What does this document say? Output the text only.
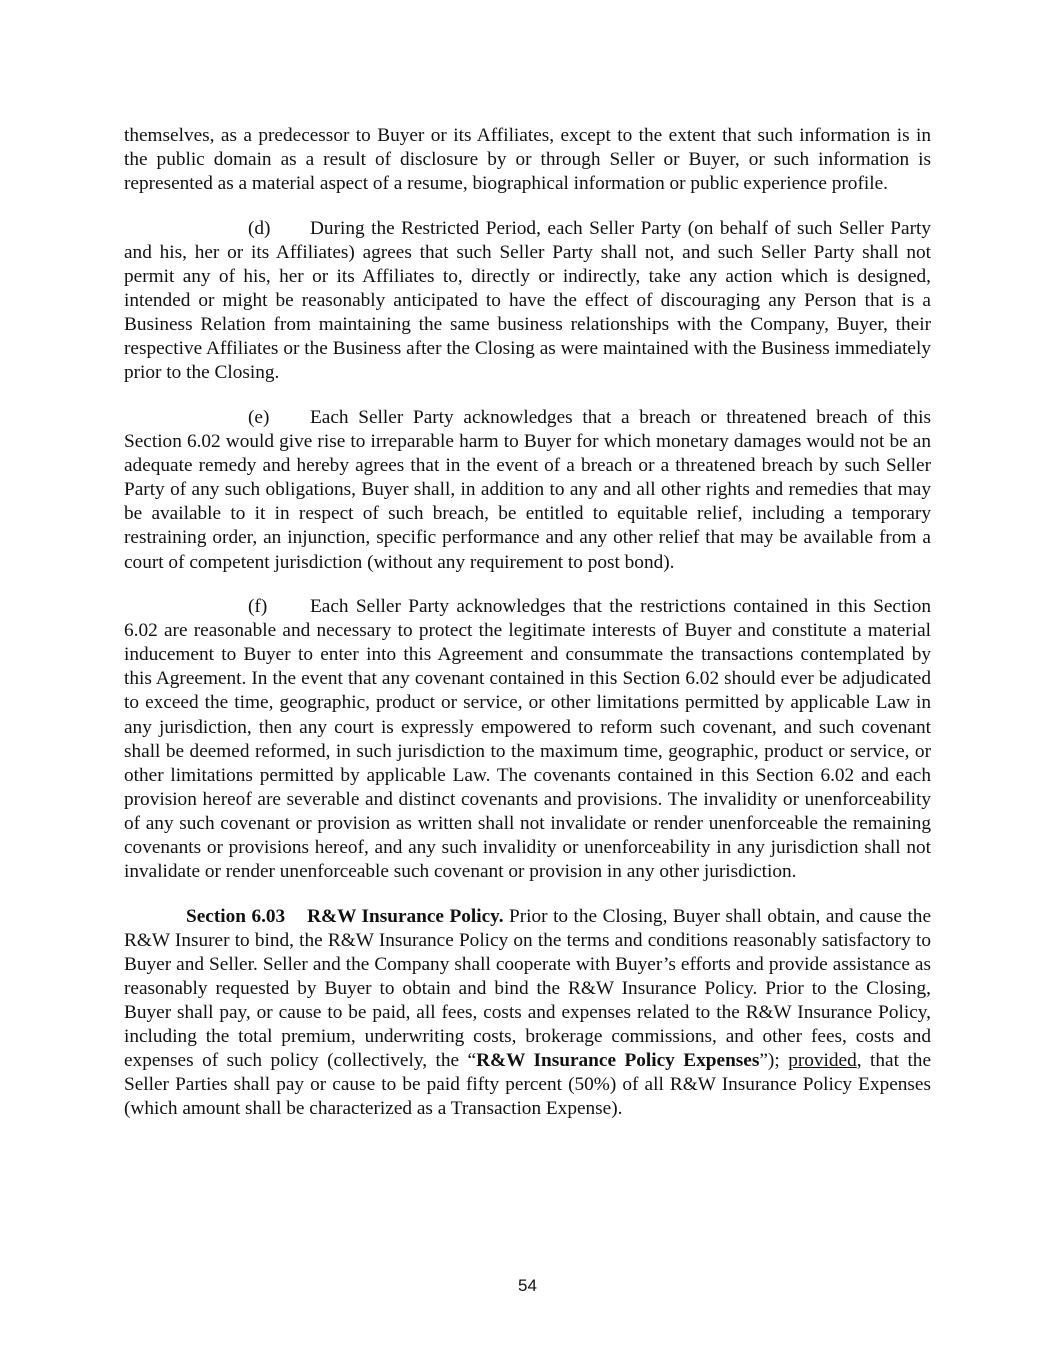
themselves, as a predecessor to Buyer or its Affiliates, except to the extent that such information is in the public domain as a result of disclosure by or through Seller or Buyer, or such information is represented as a material aspect of a resume, biographical information or public experience profile.

(d) During the Restricted Period, each Seller Party (on behalf of such Seller Party and his, her or its Affiliates) agrees that such Seller Party shall not, and such Seller Party shall not permit any of his, her or its Affiliates to, directly or indirectly, take any action which is designed, intended or might be reasonably anticipated to have the effect of discouraging any Person that is a Business Relation from maintaining the same business relationships with the Company, Buyer, their respective Affiliates or the Business after the Closing as were maintained with the Business immediately prior to the Closing.

(e) Each Seller Party acknowledges that a breach or threatened breach of this Section 6.02 would give rise to irreparable harm to Buyer for which monetary damages would not be an adequate remedy and hereby agrees that in the event of a breach or a threatened breach by such Seller Party of any such obligations, Buyer shall, in addition to any and all other rights and remedies that may be available to it in respect of such breach, be entitled to equitable relief, including a temporary restraining order, an injunction, specific performance and any other relief that may be available from a court of competent jurisdiction (without any requirement to post bond).

(f) Each Seller Party acknowledges that the restrictions contained in this Section 6.02 are reasonable and necessary to protect the legitimate interests of Buyer and constitute a material inducement to Buyer to enter into this Agreement and consummate the transactions contemplated by this Agreement. In the event that any covenant contained in this Section 6.02 should ever be adjudicated to exceed the time, geographic, product or service, or other limitations permitted by applicable Law in any jurisdiction, then any court is expressly empowered to reform such covenant, and such covenant shall be deemed reformed, in such jurisdiction to the maximum time, geographic, product or service, or other limitations permitted by applicable Law. The covenants contained in this Section 6.02 and each provision hereof are severable and distinct covenants and provisions. The invalidity or unenforceability of any such covenant or provision as written shall not invalidate or render unenforceable the remaining covenants or provisions hereof, and any such invalidity or unenforceability in any jurisdiction shall not invalidate or render unenforceable such covenant or provision in any other jurisdiction.

Section 6.03 R&W Insurance Policy. Prior to the Closing, Buyer shall obtain, and cause the R&W Insurer to bind, the R&W Insurance Policy on the terms and conditions reasonably satisfactory to Buyer and Seller. Seller and the Company shall cooperate with Buyer’s efforts and provide assistance as reasonably requested by Buyer to obtain and bind the R&W Insurance Policy. Prior to the Closing, Buyer shall pay, or cause to be paid, all fees, costs and expenses related to the R&W Insurance Policy, including the total premium, underwriting costs, brokerage commissions, and other fees, costs and expenses of such policy (collectively, the “R&W Insurance Policy Expenses”); provided, that the Seller Parties shall pay or cause to be paid fifty percent (50%) of all R&W Insurance Policy Expenses (which amount shall be characterized as a Transaction Expense).

54
